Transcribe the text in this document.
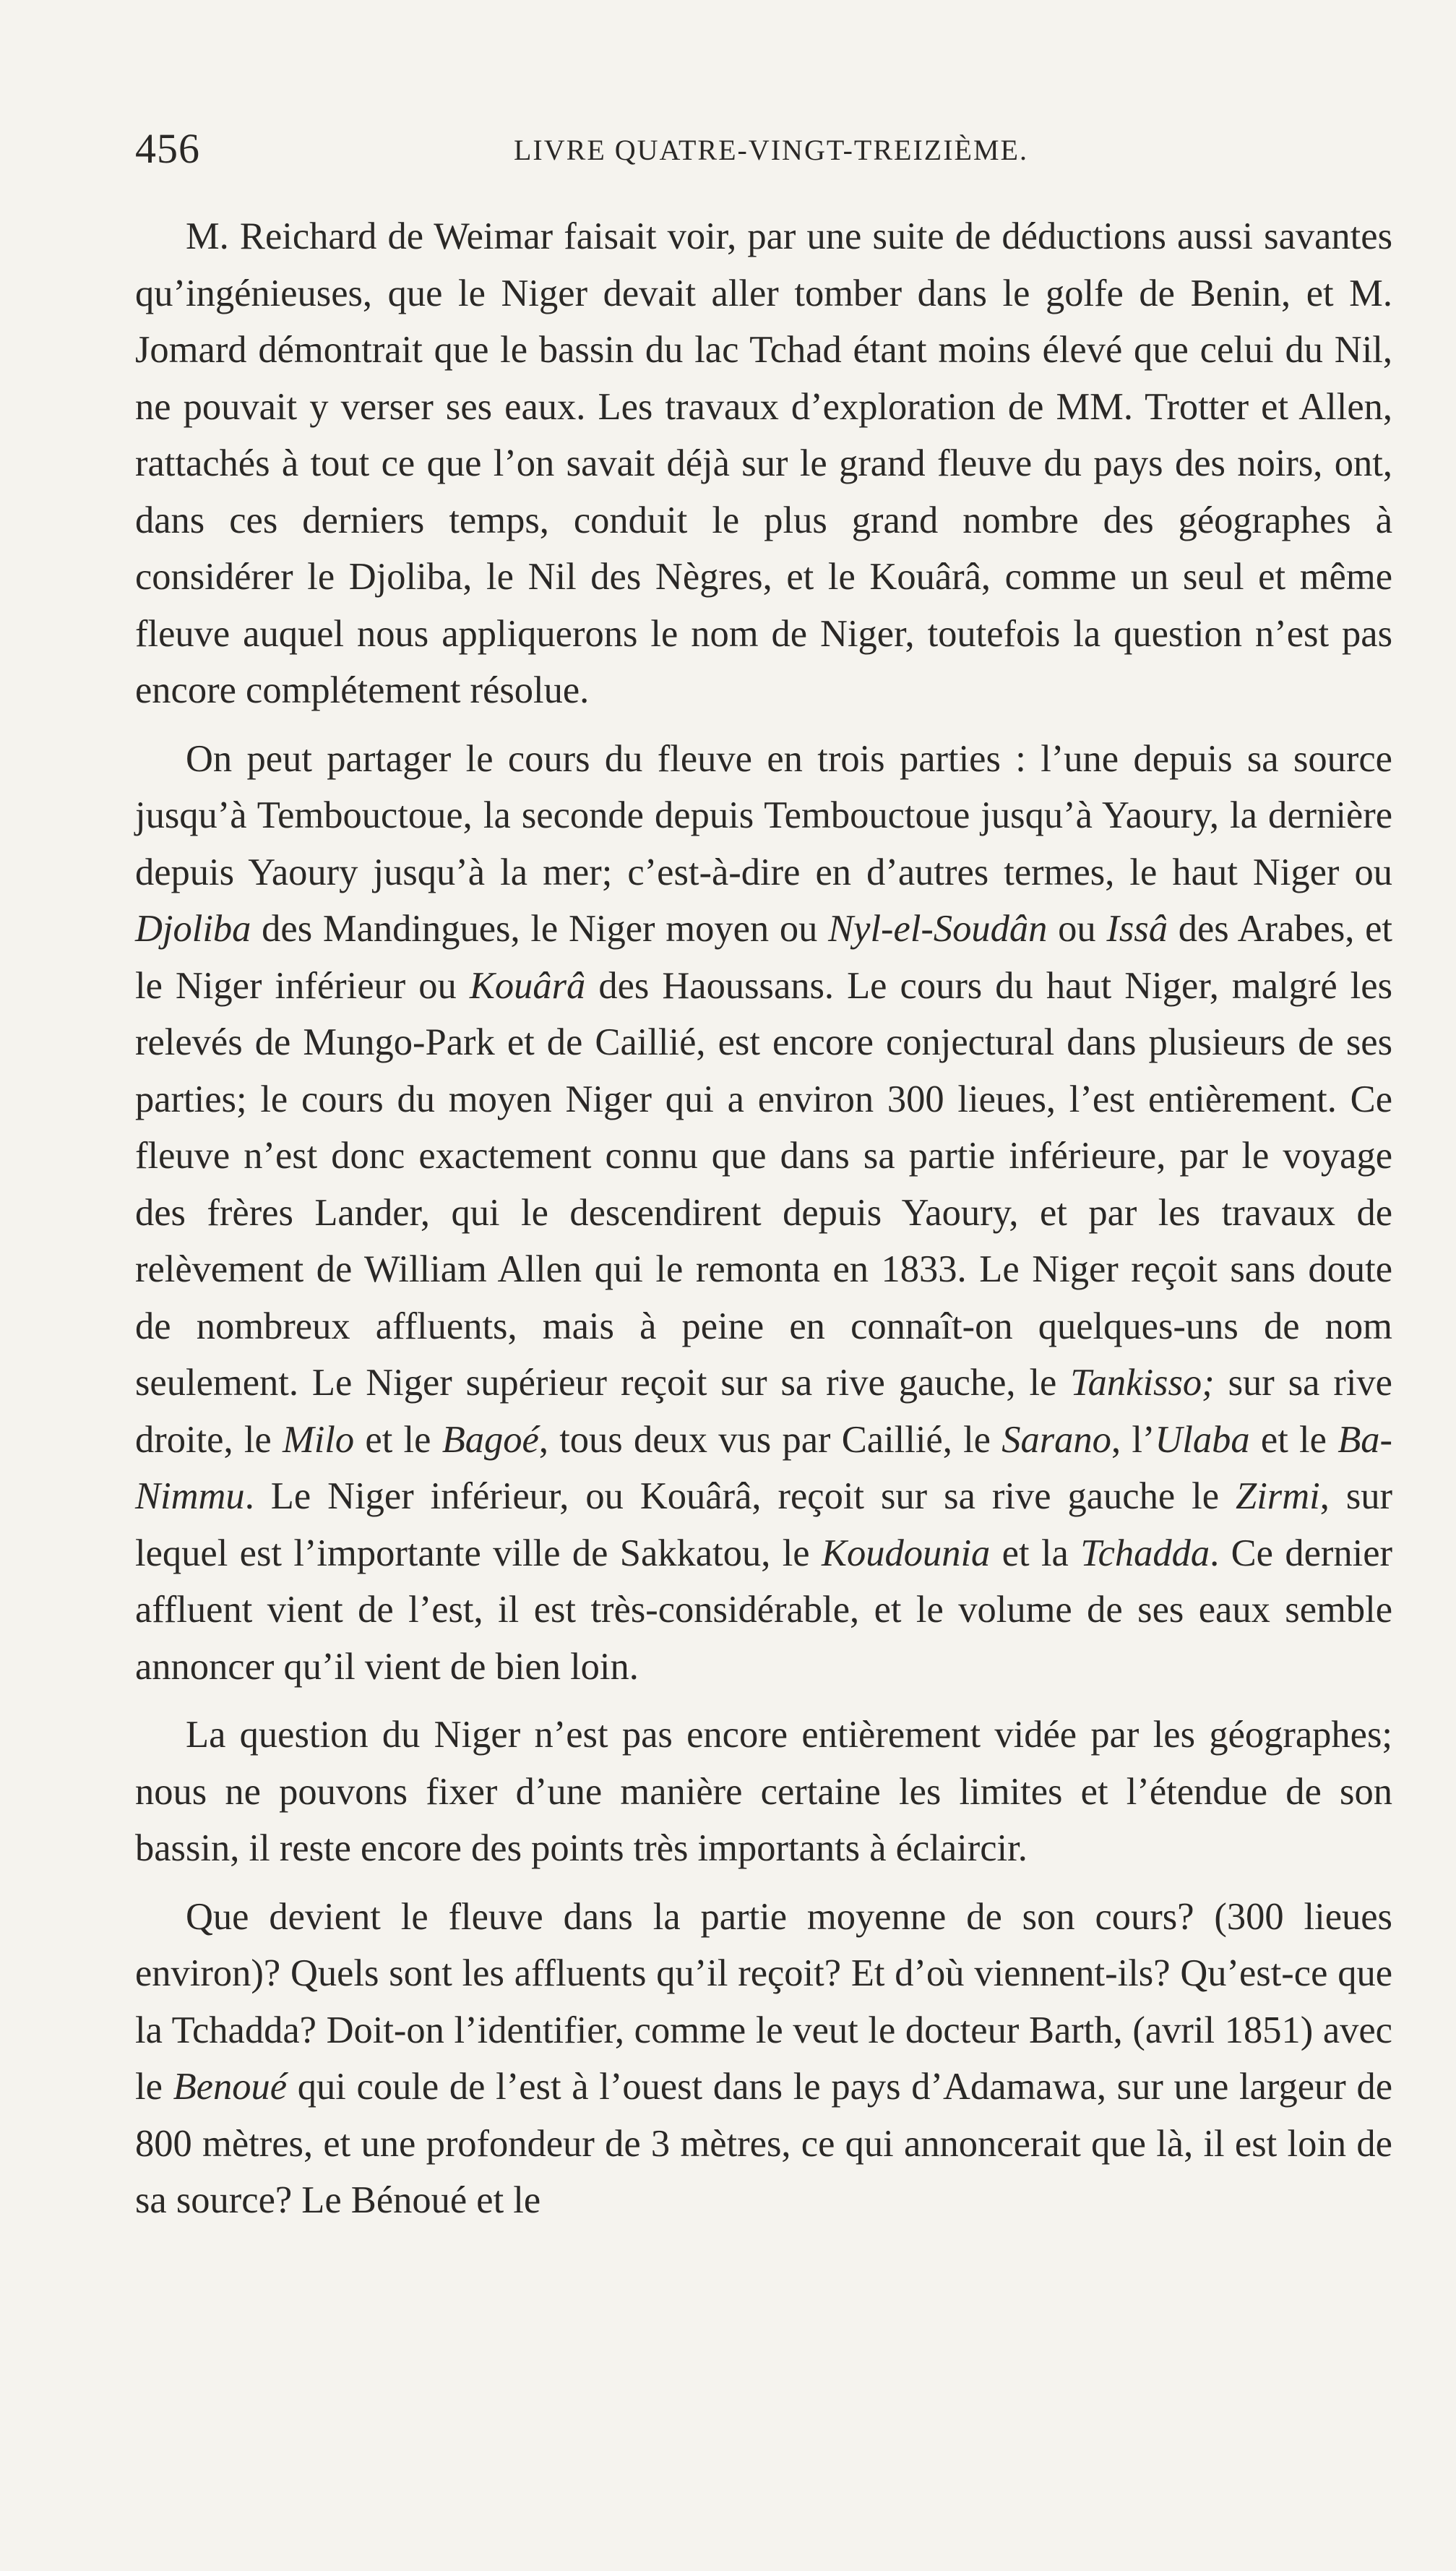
456	LIVRE QUATRE-VINGT-TREIZIÈME.

M. Reichard de Weimar faisait voir, par une suite de déductions aussi savantes qu’ingénieuses, que le Niger devait aller tomber dans le golfe de Benin, et M. Jomard démontrait que le bassin du lac Tchad étant moins élevé que celui du Nil, ne pouvait y verser ses eaux. Les travaux d’exploration de MM. Trotter et Allen, rattachés à tout ce que l’on savait déjà sur le grand fleuve du pays des noirs, ont, dans ces derniers temps, conduit le plus grand nombre des géographes à considérer le Djoliba, le Nil des Nègres, et le Kouârâ, comme un seul et même fleuve auquel nous appliquerons le nom de Niger, toutefois la question n’est pas encore complétement résolue.

On peut partager le cours du fleuve en trois parties : l’une depuis sa source jusqu’à Tembouctoue, la seconde depuis Tembouctoue jusqu’à Yaoury, la dernière depuis Yaoury jusqu’à la mer; c’est-à-dire en d’autres termes, le haut Niger ou Djoliba des Mandingues, le Niger moyen ou Nyl-el-Soudân ou Issâ des Arabes, et le Niger inférieur ou Kouârâ des Haoussans. Le cours du haut Niger, malgré les relevés de Mungo-Park et de Caillié, est encore conjectural dans plusieurs de ses parties; le cours du moyen Niger qui a environ 300 lieues, l’est entièrement. Ce fleuve n’est donc exactement connu que dans sa partie inférieure, par le voyage des frères Lander, qui le descendirent depuis Yaoury, et par les travaux de relèvement de William Allen qui le remonta en 1833. Le Niger reçoit sans doute de nombreux affluents, mais à peine en connaît-on quelques-uns de nom seulement. Le Niger supérieur reçoit sur sa rive gauche, le Tankisso; sur sa rive droite, le Milo et le Bagoé, tous deux vus par Caillié, le Sarano, l’Ulaba et le Ba-Nimmu. Le Niger inférieur, ou Kouârâ, reçoit sur sa rive gauche le Zirmi, sur lequel est l’importante ville de Sakkatou, le Koudounia et la Tchadda. Ce dernier affluent vient de l’est, il est très-considérable, et le volume de ses eaux semble annoncer qu’il vient de bien loin.

La question du Niger n’est pas encore entièrement vidée par les géographes; nous ne pouvons fixer d’une manière certaine les limites et l’étendue de son bassin, il reste encore des points très importants à éclaircir.

Que devient le fleuve dans la partie moyenne de son cours? (300 lieues environ)? Quels sont les affluents qu’il reçoit? Et d’où viennent-ils? Qu’est-ce que la Tchadda? Doit-on l’identifier, comme le veut le docteur Barth, (avril 1851) avec le Benoué qui coule de l’est à l’ouest dans le pays d’Adamawa, sur une largeur de 800 mètres, et une profondeur de 3 mètres, ce qui annoncerait que là, il est loin de sa source? Le Bénoué et le
